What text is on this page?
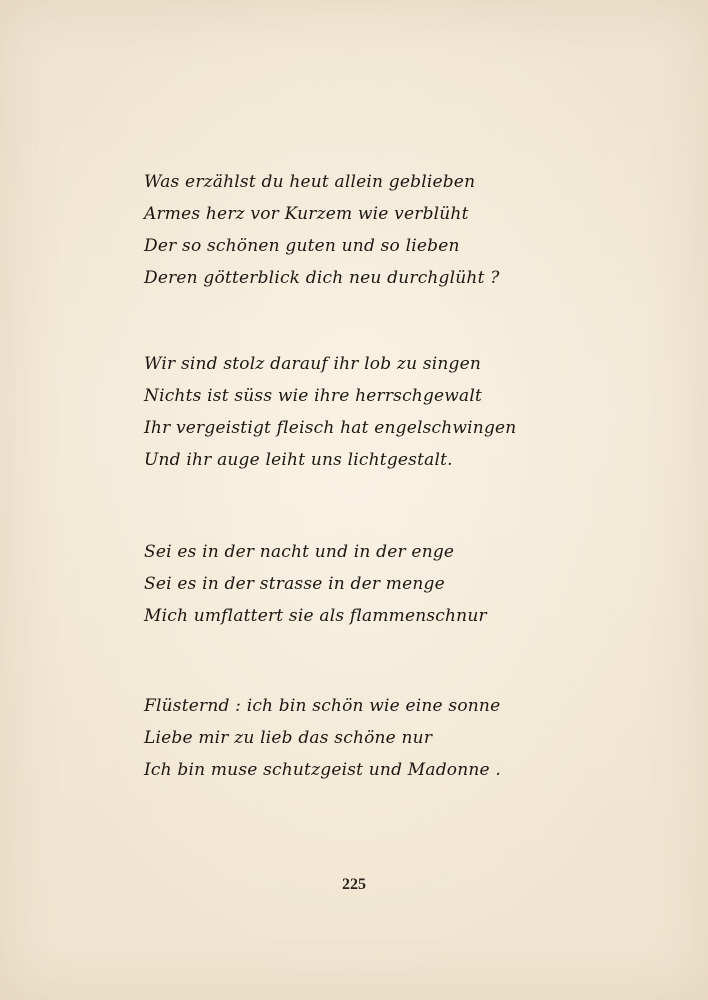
Was erzählst du heut allein geblieben
Armes herz vor Kurzem wie verblüht
Der so schönen guten und so lieben
Deren götterblick dich neu durchglüht ?
Wir sind stolz darauf ihr lob zu singen
Nichts ist süss wie ihre herrschgewalt
Ihr vergeistigt fleisch hat engelschwingen
Und ihr auge leiht uns lichtgestalt.
Sei es in der nacht und in der enge
Sei es in der strasse in der menge
Mich umflattert sie als flammenschnur
Flüsternd : ich bin schön wie eine sonne
Liebe mir zu lieb das schöne nur
Ich bin muse schutzgeist und Madonne .
225
